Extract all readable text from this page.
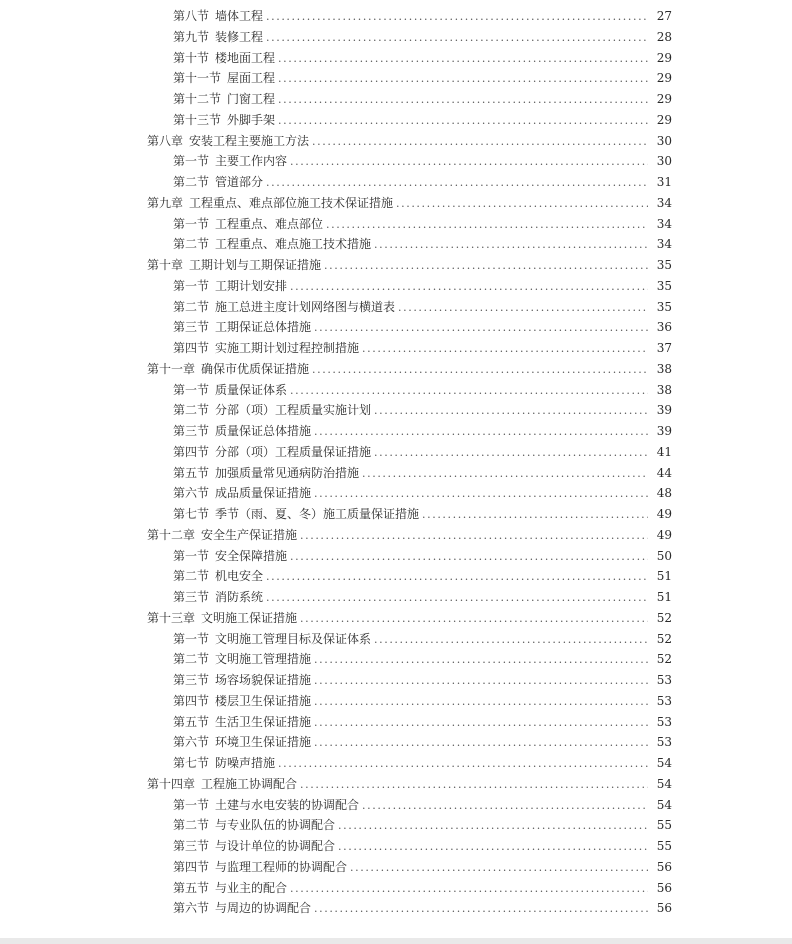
第八节 墙体工程 .....	27
第九节 装修工程 .....	28
第十节 楼地面工程 .....	29
第十一节 屋面工程 .....	29
第十二节 门窗工程 .....	29
第十三节 外脚手架 .....	29
第八章 安装工程主要施工方法 .....	30
第一节 主要工作内容 .....	30
第二节 管道部分 .....	31
第九章 工程重点、难点部位施工技术保证措施 .....	34
第一节 工程重点、难点部位 .....	34
第二节 工程重点、难点施工技术措施 .....	34
第十章 工期计划与工期保证措施 .....	35
第一节 工期计划安排 .....	35
第二节 施工总进主度计划网络图与横道表 .....	35
第三节 工期保证总体措施 .....	36
第四节 实施工期计划过程控制措施 .....	37
第十一章 确保市优质保证措施 .....	38
第一节 质量保证体系 .....	38
第二节 分部（项）工程质量实施计划 .....	39
第三节 质量保证总体措施 .....	39
第四节 分部（项）工程质量保证措施 .....	41
第五节 加强质量常见通病防治措施 .....	44
第六节 成品质量保证措施 .....	48
第七节 季节（雨、夏、冬）施工质量保证措施 .....	49
第十二章 安全生产保证措施 .....	49
第一节 安全保障措施 .....	50
第二节 机电安全 .....	51
第三节 消防系统 .....	51
第十三章 文明施工保证措施 .....	52
第一节 文明施工管理目标及保证体系 .....	52
第二节 文明施工管理措施 .....	52
第三节 场容场貌保证措施 .....	53
第四节 楼层卫生保证措施 .....	53
第五节 生活卫生保证措施 .....	53
第六节 环境卫生保证措施 .....	53
第七节 防噪声措施 .....	54
第十四章 工程施工协调配合 .....	54
第一节 土建与水电安装的协调配合 .....	54
第二节 与专业队伍的协调配合 .....	55
第三节 与设计单位的协调配合 .....	55
第四节 与监理工程师的协调配合 .....	56
第五节 与业主的配合 .....	56
第六节 与周边的协调配合 .....	56
